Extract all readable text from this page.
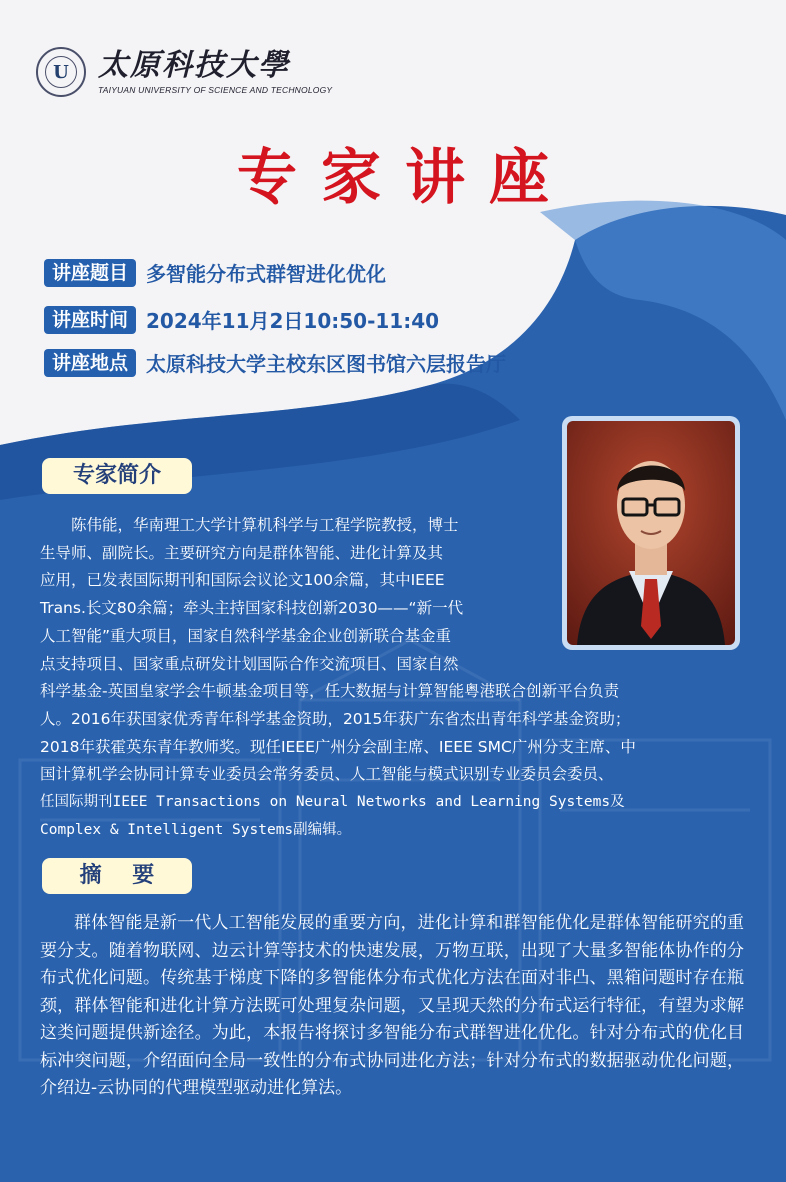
U 太原科技大學
TAIYUAN UNIVERSITY OF SCIENCE AND TECHNOLOGY
专家讲座
讲座题目 多智能分布式群智进化优化
讲座时间 2024年11月2日10:50-11:40
讲座地点 太原科技大学主校东区图书馆六层报告厅
专家简介

陈伟能，华南理工大学计算机科学与工程学院教授，博士

生导师、副院长。主要研究方向是群体智能、进化计算及其
应用，已发表国际期刊和国际会议论文100余篇，其中IEEE
Trans.长文80余篇；牵头主持国家科技创新2030——“新一代
人工智能”重大项目，国家自然科学基金企业创新联合基金重
点支持项目、国家重点研发计划国际合作交流项目、国家自然
科学基金-英国皇家学会牛顿基金项目等，任大数据与计算智能粤港联合创新平台负责
人。2016年获国家优秀青年科学基金资助，2015年获广东省杰出青年科学基金资助；
2018年获霍英东青年教师奖。现任IEEE广州分会副主席、IEEE SMC广州分支主席、中
国计算机学会协同计算专业委员会常务委员、人工智能与模式识别专业委员会委员、
任国际期刊IEEE Transactions on Neural Networks and Learning Systems及
Complex & Intelligent Systems副编辑。
摘    要

群体智能是新一代人工智能发展的重要方向，进化计算和群智能优化是群体智能研究的重要分支。随着物联网、边云计算等技术的快速发展，万物互联，出现了大量多智能体协作的分布式优化问题。传统基于梯度下降的多智能体分布式优化方法在面对非凸、黑箱问题时存在瓶颈，群体智能和进化计算方法既可处理复杂问题，又呈现天然的分布式运行特征，有望为求解这类问题提供新途径。为此，本报告将探讨多智能分布式群智进化优化。针对分布式的优化目标冲突问题，介绍面向全局一致性的分布式协同进化方法；针对分布式的数据驱动优化问题，介绍边-云协同的代理模型驱动进化算法。
